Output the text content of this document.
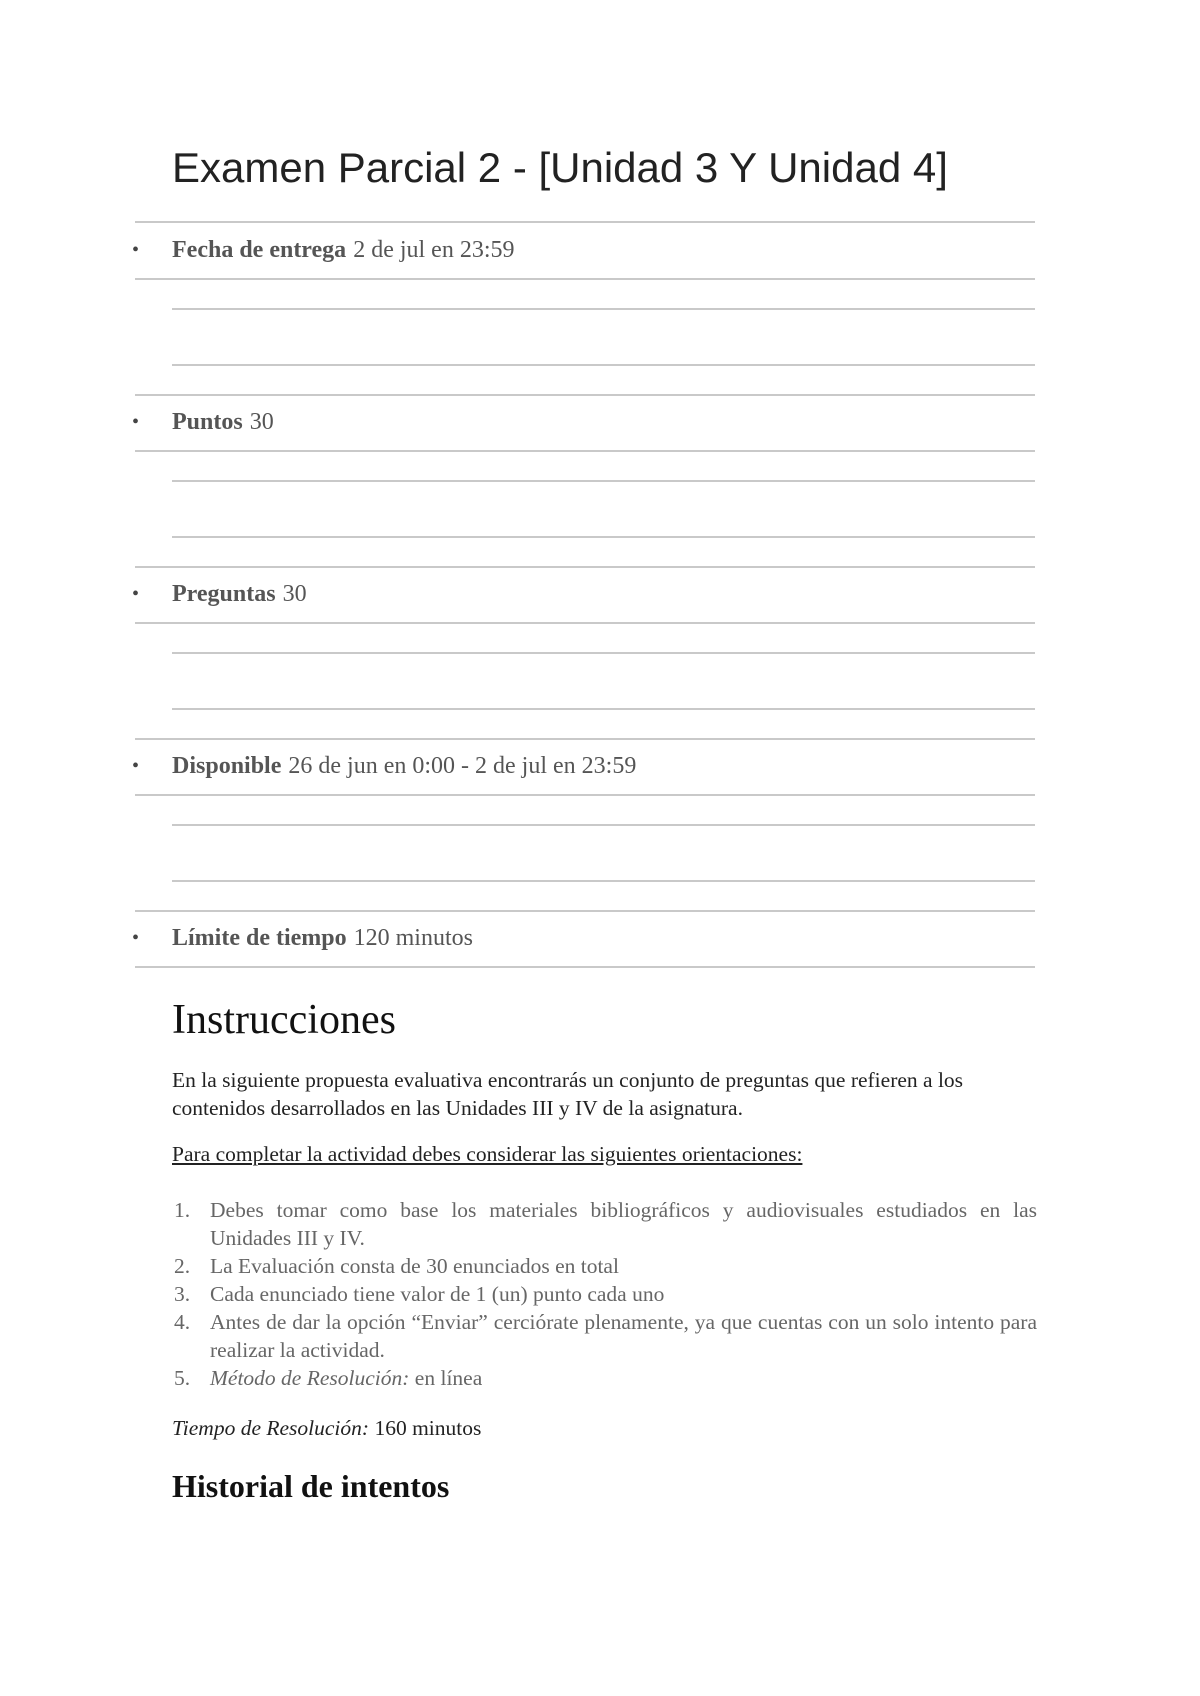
Examen Parcial 2 - [Unidad 3 Y Unidad 4]
•	Fecha de entrega 2 de jul en 23:59
•	Puntos 30
•	Preguntas 30
•	Disponible 26 de jun en 0:00 - 2 de jul en 23:59
•	Límite de tiempo 120 minutos
Instrucciones

En la siguiente propuesta evaluativa encontrarás un conjunto de preguntas que refieren a los contenidos desarrollados en las Unidades III y IV de la asignatura.

Para completar la actividad debes considerar las siguientes orientaciones:

1. Debes tomar como base los materiales bibliográficos y audiovisuales estudiados en las Unidades III y IV.
2. La Evaluación consta de 30 enunciados en total
3. Cada enunciado tiene valor de 1 (un) punto cada uno
4. Antes de dar la opción “Enviar” cerciórate plenamente, ya que cuentas con un solo intento para realizar la actividad.
5. Método de Resolución: en línea

Tiempo de Resolución: 160 minutos

Historial de intentos
